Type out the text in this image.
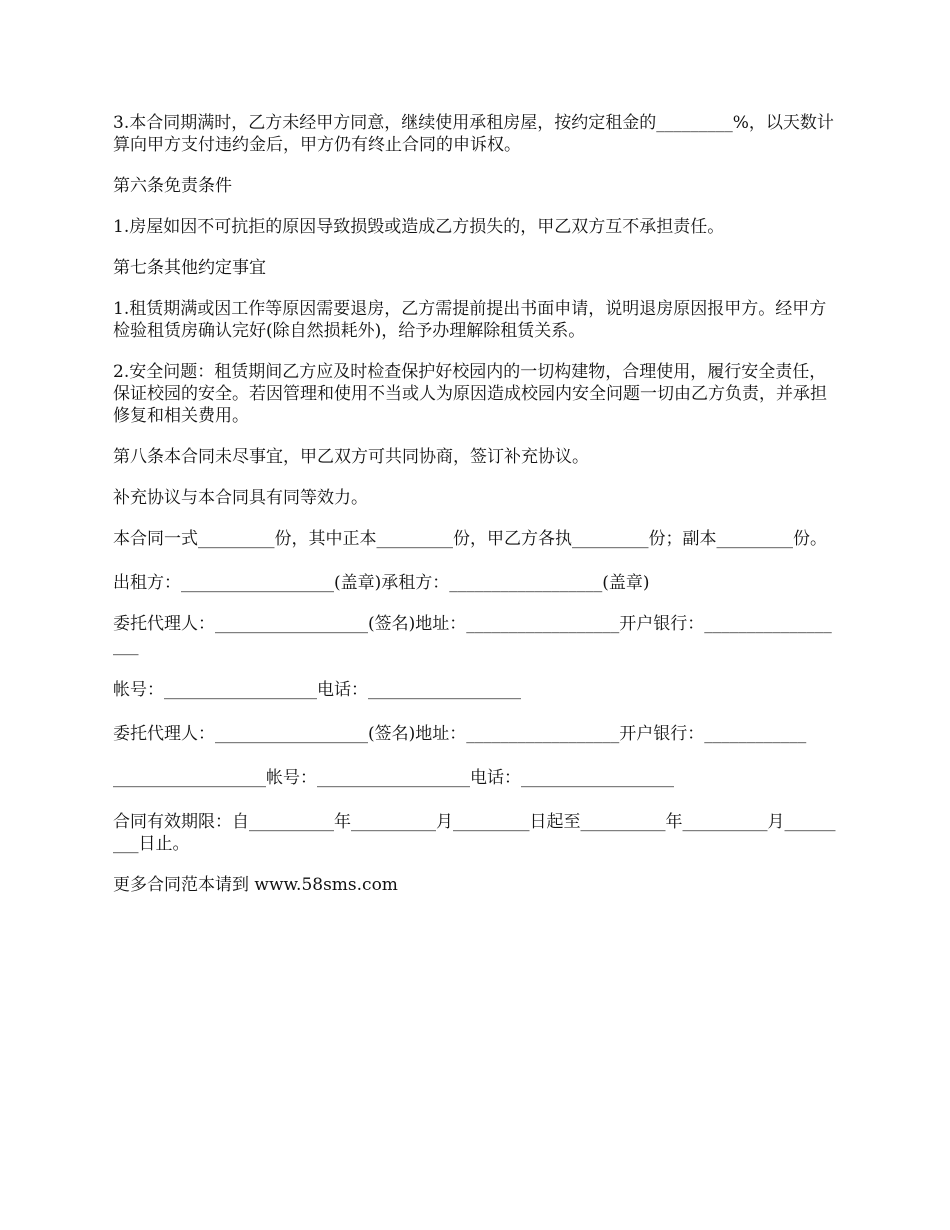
3.本合同期满时，乙方未经甲方同意，继续使用承租房屋，按约定租金的_________%，以天数计算向甲方支付违约金后，甲方仍有终止合同的申诉权。

第六条免责条件

1.房屋如因不可抗拒的原因导致损毁或造成乙方损失的，甲乙双方互不承担责任。

第七条其他约定事宜

1.租赁期满或因工作等原因需要退房，乙方需提前提出书面申请，说明退房原因报甲方。经甲方检验租赁房确认完好(除自然损耗外)，给予办理解除租赁关系。

2.安全问题：租赁期间乙方应及时检查保护好校园内的一切构建物，合理使用，履行安全责任，保证校园的安全。若因管理和使用不当或人为原因造成校园内安全问题一切由乙方负责，并承担修复和相关费用。

第八条本合同未尽事宜，甲乙双方可共同协商，签订补充协议。

补充协议与本合同具有同等效力。

本合同一式_________份，其中正本_________份，甲乙方各执_________份；副本_________份。

出租方：__________________(盖章)承租方：__________________(盖章)

委托代理人：__________________(签名)地址：__________________开户银行：__________________

帐号：__________________电话：__________________

委托代理人：__________________(签名)地址：__________________开户银行：____________

__________________帐号：__________________电话：__________________

合同有效期限：自__________年__________月_________日起至__________年__________月_________日止。

更多合同范本请到 www.58sms.com
